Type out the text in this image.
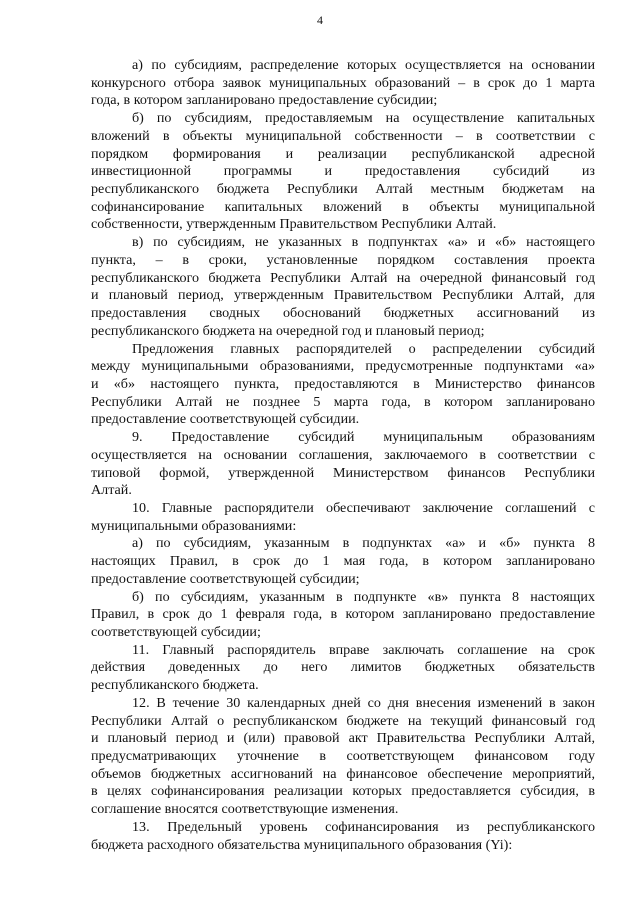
4
а) по субсидиям, распределение которых осуществляется на основании
конкурсного отбора заявок муниципальных образований – в срок до 1 марта
года, в котором запланировано предоставление субсидии;
б) по субсидиям, предоставляемым на осуществление капитальных
вложений в объекты муниципальной собственности – в соответствии с
порядком формирования и реализации республиканской адресной
инвестиционной программы и предоставления субсидий из
республиканского бюджета Республики Алтай местным бюджетам на
софинансирование капитальных вложений в объекты муниципальной
собственности, утвержденным Правительством Республики Алтай.
в) по субсидиям, не указанных в подпунктах «а» и «б» настоящего
пункта, – в сроки, установленные порядком составления проекта
республиканского бюджета Республики Алтай на очередной финансовый год
и плановый период, утвержденным Правительством Республики Алтай, для
предоставления сводных обоснований бюджетных ассигнований из
республиканского бюджета на очередной год и плановый период;
Предложения главных распорядителей о распределении субсидий
между муниципальными образованиями, предусмотренные подпунктами «а»
и «б» настоящего пункта, предоставляются в Министерство финансов
Республики Алтай не позднее 5 марта года, в котором запланировано
предоставление соответствующей субсидии.
9. Предоставление субсидий муниципальным образованиям
осуществляется на основании соглашения, заключаемого в соответствии с
типовой формой, утвержденной Министерством финансов Республики
Алтай.
10. Главные распорядители обеспечивают заключение соглашений с
муниципальными образованиями:
а) по субсидиям, указанным в подпунктах «а» и «б» пункта 8
настоящих Правил, в срок до 1 мая года, в котором запланировано
предоставление соответствующей субсидии;
б) по субсидиям, указанным в подпункте «в» пункта 8 настоящих
Правил, в срок до 1 февраля года, в котором запланировано предоставление
соответствующей субсидии;
11. Главный распорядитель вправе заключать соглашение на срок
действия доведенных до него лимитов бюджетных обязательств
республиканского бюджета.
12. В течение 30 календарных дней со дня внесения изменений в закон
Республики Алтай о республиканском бюджете на текущий финансовый год
и плановый период и (или) правовой акт Правительства Республики Алтай,
предусматривающих уточнение в соответствующем финансовом году
объемов бюджетных ассигнований на финансовое обеспечение мероприятий,
в целях софинансирования реализации которых предоставляется субсидия, в
соглашение вносятся соответствующие изменения.
13. Предельный уровень софинансирования из республиканского
бюджета расходного обязательства муниципального образования (Yi):
